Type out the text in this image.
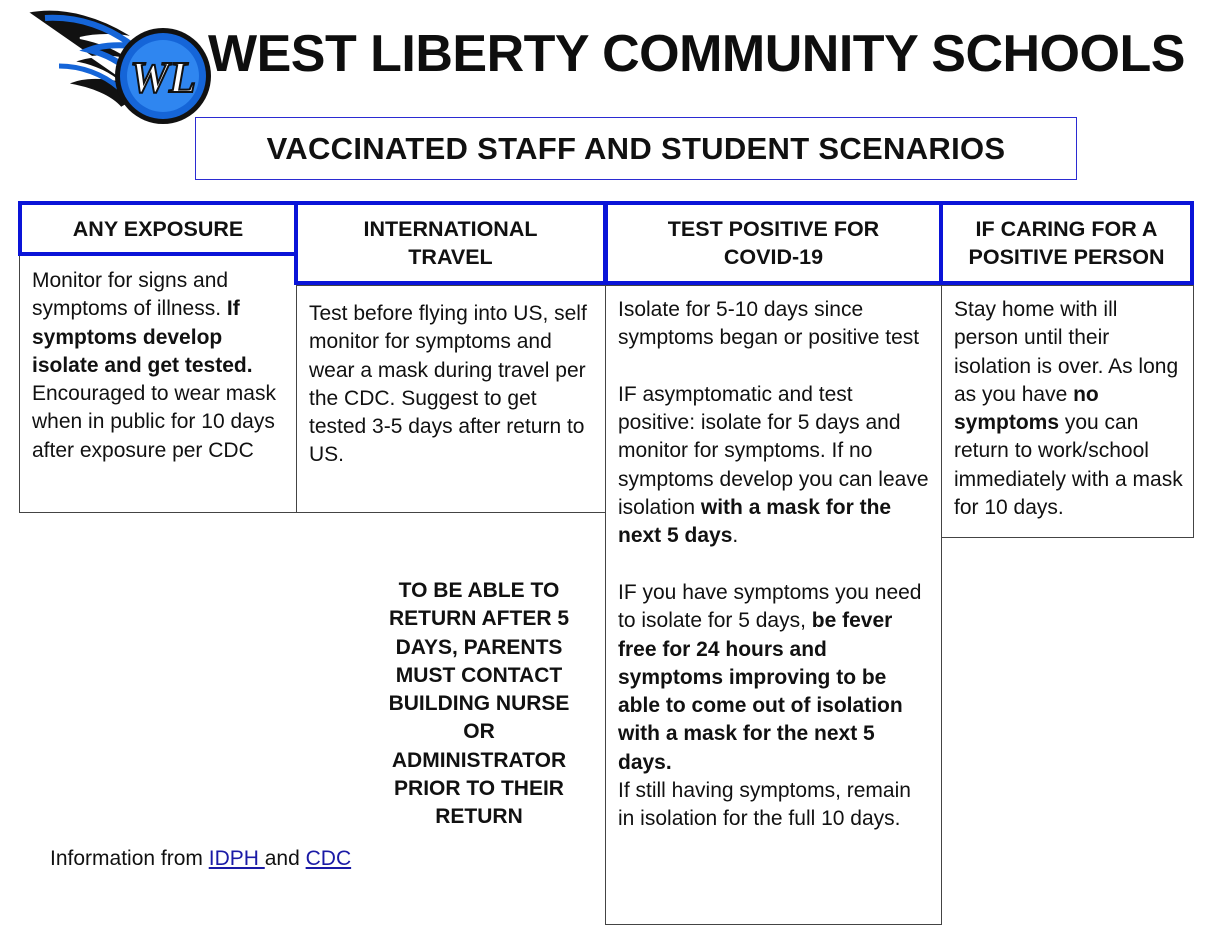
WL WEST LIBERTY COMMUNITY SCHOOLS
VACCINATED STAFF AND STUDENT SCENARIOS
ANY EXPOSURE

Monitor for signs and symptoms of illness. If symptoms develop isolate and get tested. Encouraged to wear mask when in public for 10 days after exposure per CDC

INTERNATIONAL
TRAVEL

Test before flying into US, self monitor for symptoms and wear a mask during travel per the CDC. Suggest to get tested 3-5 days after return to US.

TEST POSITIVE FOR
COVID-19

Isolate for 5-10 days since symptoms began or positive test

IF asymptomatic and test positive: isolate for 5 days and monitor for symptoms. If no symptoms develop you can leave isolation with a mask for the next 5 days.

IF you have symptoms you need to isolate for 5 days, be fever free for 24 hours and symptoms improving to be able to come out of isolation with a mask for the next 5 days.

If still having symptoms, remain in isolation for the full 10 days.

IF CARING FOR A
POSITIVE PERSON

Stay home with ill person until their isolation is over. As long as you have no symptoms you can return to work/school immediately with a mask for 10 days.

TO BE ABLE TO
RETURN AFTER 5
DAYS, PARENTS
MUST CONTACT
BUILDING NURSE
OR
ADMINISTRATOR
PRIOR TO THEIR
RETURN
Information from IDPH and CDC
